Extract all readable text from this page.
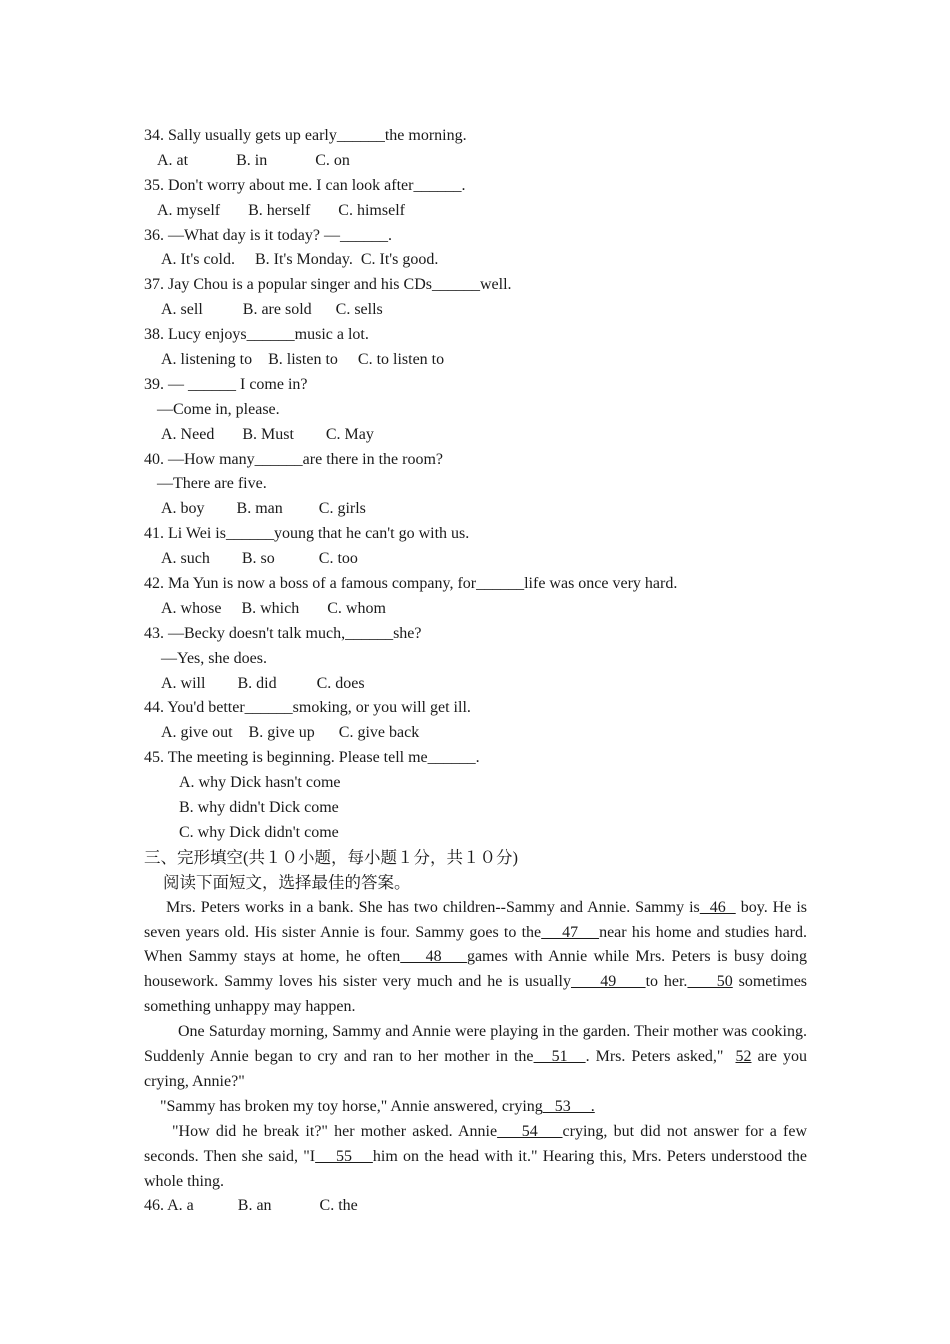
34. Sally usually gets up early______the morning.
A. at            B. in            C. on
35. Don't worry about me. I can look after______.
A. myself       B. herself       C. himself
36. —What day is it today? —______.
A. It's cold.     B. It's Monday.  C. It's good.
37. Jay Chou is a popular singer and his CDs______well.
A. sell          B. are sold      C. sells
38. Lucy enjoys______music a lot.
A. listening to    B. listen to     C. to listen to
39. — ______ I come in?
—Come in, please.
A. Need       B. Must        C. May
40. —How many______are there in the room?
—There are five.
A. boy        B. man         C. girls
41. Li Wei is______young that he can't go with us.
A. such        B. so           C. too
42. Ma Yun is now a boss of a famous company, for______life was once very hard.
A. whose     B. which       C. whom
43. —Becky doesn't talk much,______she?
—Yes, she does.
A. will        B. did          C. does
44. You'd better______smoking, or you will get ill.
A. give out    B. give up      C. give back
45. The meeting is beginning. Please tell me______.
A. why Dick hasn't come
B. why didn't Dick come
C. why Dick didn't come
三、完形填空(共１０小题，每小题１分，共１０分)
阅读下面短文，选择最佳的答案。
Mrs. Peters works in a bank. She has two children--Sammy and Annie. Sammy is  46   boy. He is seven years old. His sister Annie is four. Sammy goes to the    47    near his home and studies hard. When Sammy stays at home, he often    48    games with Annie while Mrs. Peters is busy doing housework. Sammy loves his sister very much and he is usually     49     to her.     50 sometimes something unhappy may happen.
One Saturday morning, Sammy and Annie were playing in the garden. Their mother was cooking. Suddenly Annie began to cry and ran to her mother in the   51   . Mrs. Peters asked,"  52 are you crying, Annie?"
"Sammy has broken my toy horse," Annie answered, crying   53     .
"How did he break it?" her mother asked. Annie    54    crying, but did not answer for a few seconds. Then she said, "I    55    him on the head with it." Hearing this, Mrs. Peters understood the whole thing.
46. A. a           B. an            C. the
